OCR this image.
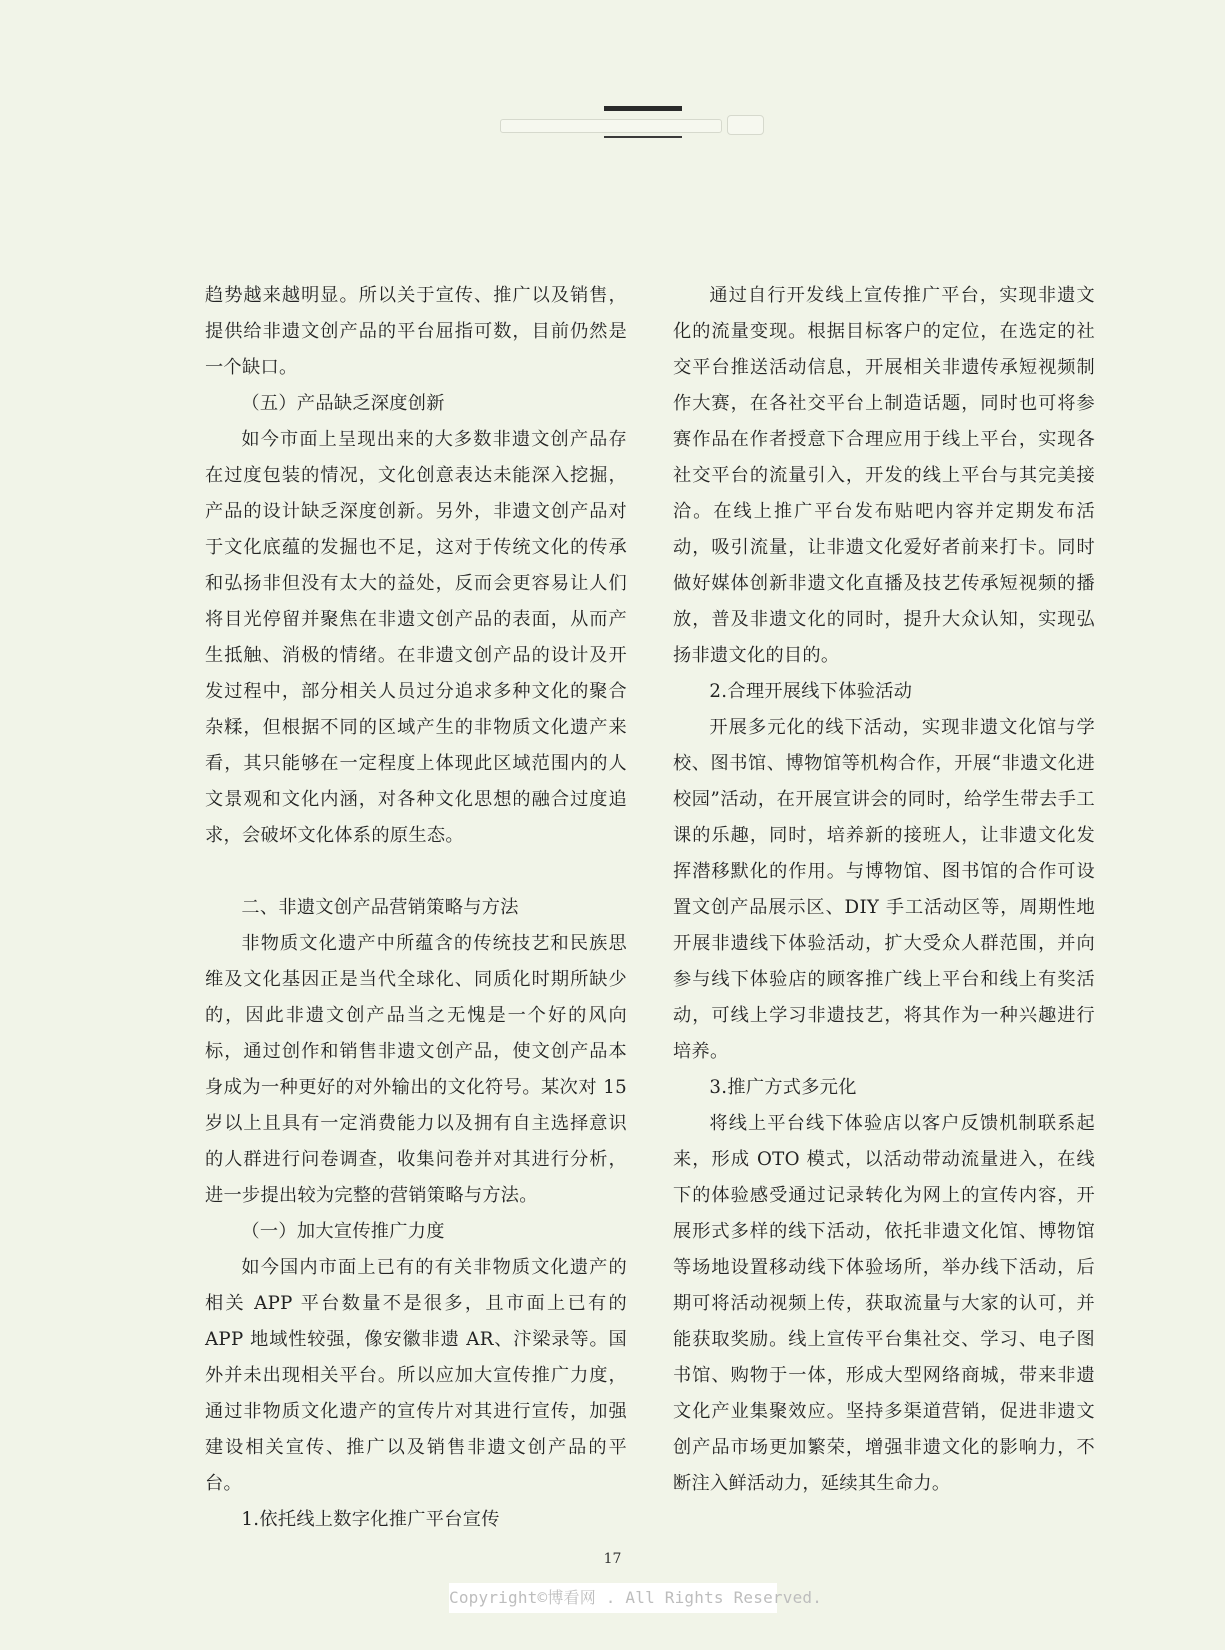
趋势越来越明显。所以关于宣传、推广以及销售，提供给非遗文创产品的平台屈指可数，目前仍然是一个缺口。

（五）产品缺乏深度创新

如今市面上呈现出来的大多数非遗文创产品存在过度包装的情况，文化创意表达未能深入挖掘，产品的设计缺乏深度创新。另外，非遗文创产品对于文化底蕴的发掘也不足，这对于传统文化的传承和弘扬非但没有太大的益处，反而会更容易让人们将目光停留并聚焦在非遗文创产品的表面，从而产生抵触、消极的情绪。在非遗文创产品的设计及开发过程中，部分相关人员过分追求多种文化的聚合杂糅，但根据不同的区域产生的非物质文化遗产来看，其只能够在一定程度上体现此区域范围内的人文景观和文化内涵，对各种文化思想的融合过度追求，会破坏文化体系的原生态。

二、非遗文创产品营销策略与方法

非物质文化遗产中所蕴含的传统技艺和民族思维及文化基因正是当代全球化、同质化时期所缺少的，因此非遗文创产品当之无愧是一个好的风向标，通过创作和销售非遗文创产品，使文创产品本身成为一种更好的对外输出的文化符号。某次对 15 岁以上且具有一定消费能力以及拥有自主选择意识的人群进行问卷调查，收集问卷并对其进行分析，进一步提出较为完整的营销策略与方法。

（一）加大宣传推广力度

如今国内市面上已有的有关非物质文化遗产的相关 APP 平台数量不是很多，且市面上已有的 APP 地域性较强，像安徽非遗 AR、汴梁录等。国外并未出现相关平台。所以应加大宣传推广力度，通过非物质文化遗产的宣传片对其进行宣传，加强建设相关宣传、推广以及销售非遗文创产品的平台。

1.依托线上数字化推广平台宣传

通过自行开发线上宣传推广平台，实现非遗文化的流量变现。根据目标客户的定位，在选定的社交平台推送活动信息，开展相关非遗传承短视频制作大赛，在各社交平台上制造话题，同时也可将参赛作品在作者授意下合理应用于线上平台，实现各社交平台的流量引入，开发的线上平台与其完美接洽。在线上推广平台发布贴吧内容并定期发布活动，吸引流量，让非遗文化爱好者前来打卡。同时做好媒体创新非遗文化直播及技艺传承短视频的播放，普及非遗文化的同时，提升大众认知，实现弘扬非遗文化的目的。

2.合理开展线下体验活动

开展多元化的线下活动，实现非遗文化馆与学校、图书馆、博物馆等机构合作，开展“非遗文化进校园”活动，在开展宣讲会的同时，给学生带去手工课的乐趣，同时，培养新的接班人，让非遗文化发挥潜移默化的作用。与博物馆、图书馆的合作可设置文创产品展示区、DIY 手工活动区等，周期性地开展非遗线下体验活动，扩大受众人群范围，并向参与线下体验店的顾客推广线上平台和线上有奖活动，可线上学习非遗技艺，将其作为一种兴趣进行培养。

3.推广方式多元化

将线上平台线下体验店以客户反馈机制联系起来，形成 OTO 模式，以活动带动流量进入，在线下的体验感受通过记录转化为网上的宣传内容，开展形式多样的线下活动，依托非遗文化馆、博物馆等场地设置移动线下体验场所，举办线下活动，后期可将活动视频上传，获取流量与大家的认可，并能获取奖励。线上宣传平台集社交、学习、电子图书馆、购物于一体，形成大型网络商城，带来非遗文化产业集聚效应。坚持多渠道营销，促进非遗文创产品市场更加繁荣，增强非遗文化的影响力，不断注入鲜活动力，延续其生命力。

17
Copyright©博看网 . All Rights Reserved.
